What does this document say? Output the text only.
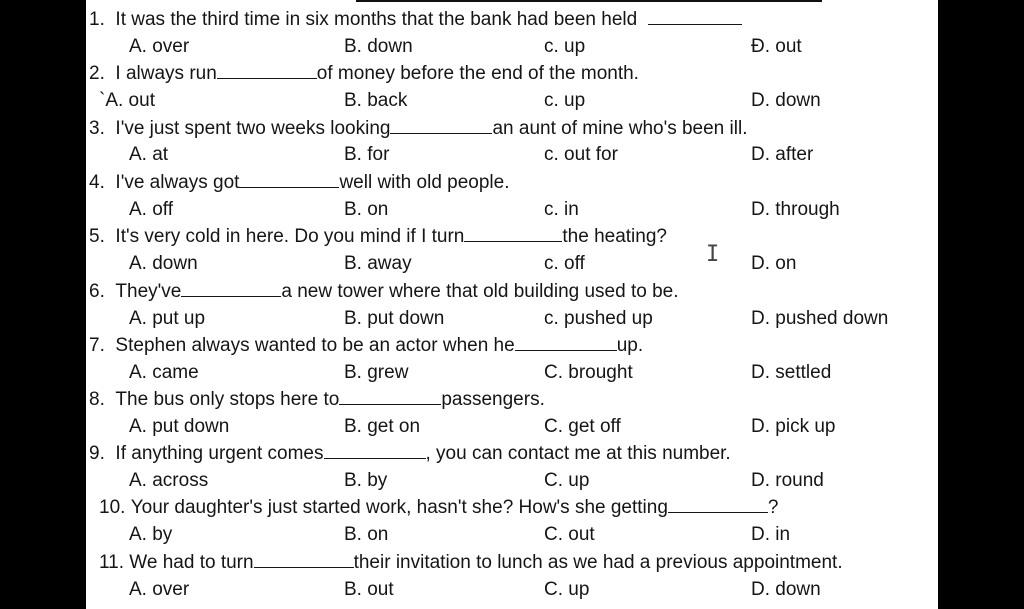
1. It was the third time in six months that the bank had been held
A. over	B. down	c. up	Đ. out
2. I always run	of money before the end of the month.
`A. out	B. back	c. up	D. down
3. I've just spent two weeks looking	an aunt of mine who's been ill.
A. at	B. for	c. out for	D. after
4. I've always got	well with old people.
A. off	B. on	c. in	D. through
5. It's very cold in here. Do you mind if I turn	the heating?
A. down	B. away	c. off	D. on
6. They've	a new tower where that old building used to be.
A. put up	B. put down	c. pushed up	D. pushed down
7. Stephen always wanted to be an actor when he	up.
A. came	B. grew	C. brought	D. settled
8. The bus only stops here to	passengers.
A. put down	B. get on	C. get off	D. pick up
9. If anything urgent comes	, you can contact me at this number.
A. across	B. by	C. up	D. round
10. Your daughter's just started work, hasn't she? How's she getting	?
A. by	B. on	C. out	D. in
11. We had to turn	their invitation to lunch as we had a previous appointment.
A. over	B. out	C. up	D. down
I
